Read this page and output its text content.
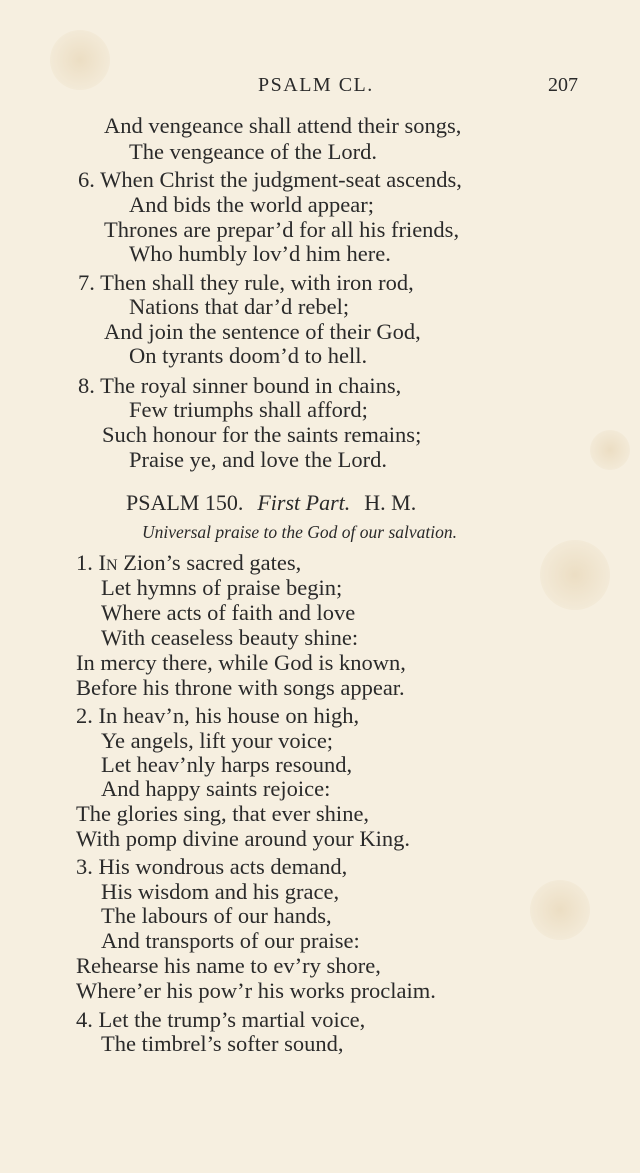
PSALM CL.	207
And vengeance shall attend their songs,
The vengeance of the Lord.
6. When Christ the judgment-seat ascends,
And bids the world appear;
Thrones are prepar’d for all his friends,
Who humbly lov’d him here.
7. Then shall they rule, with iron rod,
Nations that dar’d rebel;
And join the sentence of their God,
On tyrants doom’d to hell.
8. The royal sinner bound in chains,
Few triumphs shall afford;
Such honour for the saints remains;
Praise ye, and love the Lord.
PSALM 150. First Part. H. M.
Universal praise to the God of our salvation.
1. In Zion’s sacred gates,
Let hymns of praise begin;
Where acts of faith and love
With ceaseless beauty shine:
In mercy there, while God is known,
Before his throne with songs appear.
2. In heav’n, his house on high,
Ye angels, lift your voice;
Let heav’nly harps resound,
And happy saints rejoice:
The glories sing, that ever shine,
With pomp divine around your King.
3. His wondrous acts demand,
His wisdom and his grace,
The labours of our hands,
And transports of our praise:
Rehearse his name to ev’ry shore,
Where’er his pow’r his works proclaim.
4. Let the trump’s martial voice,
The timbrel’s softer sound,
